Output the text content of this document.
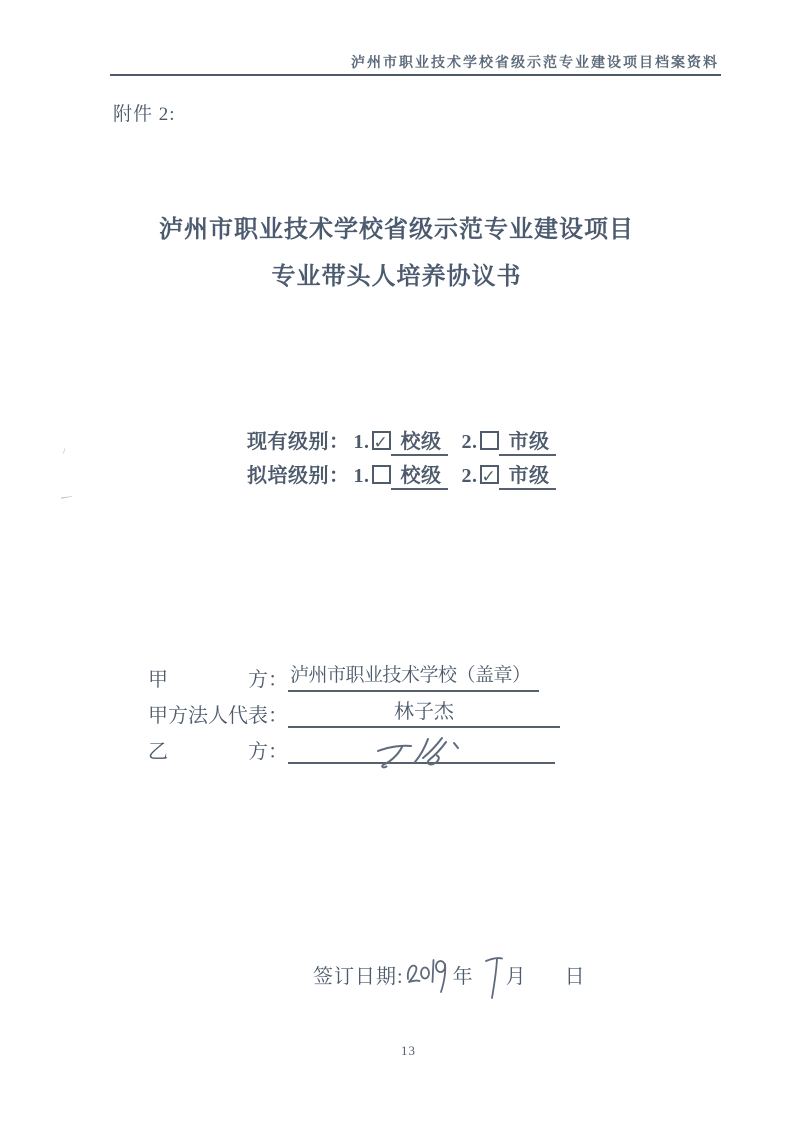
泸州市职业技术学校省级示范专业建设项目档案资料
附件 2:
泸州市职业技术学校省级示范专业建设项目
专业带头人培养协议书
现有级别： 1. ✓ 校级 2. 市级
拟培级别： 1. 校级 2. ✓ 市级
甲	方： 泸州市职业技术学校（盖章）
甲方法人代表：	林子杰
乙	方：
签订日期: 年 月 日
13
ᛌ
᎗
